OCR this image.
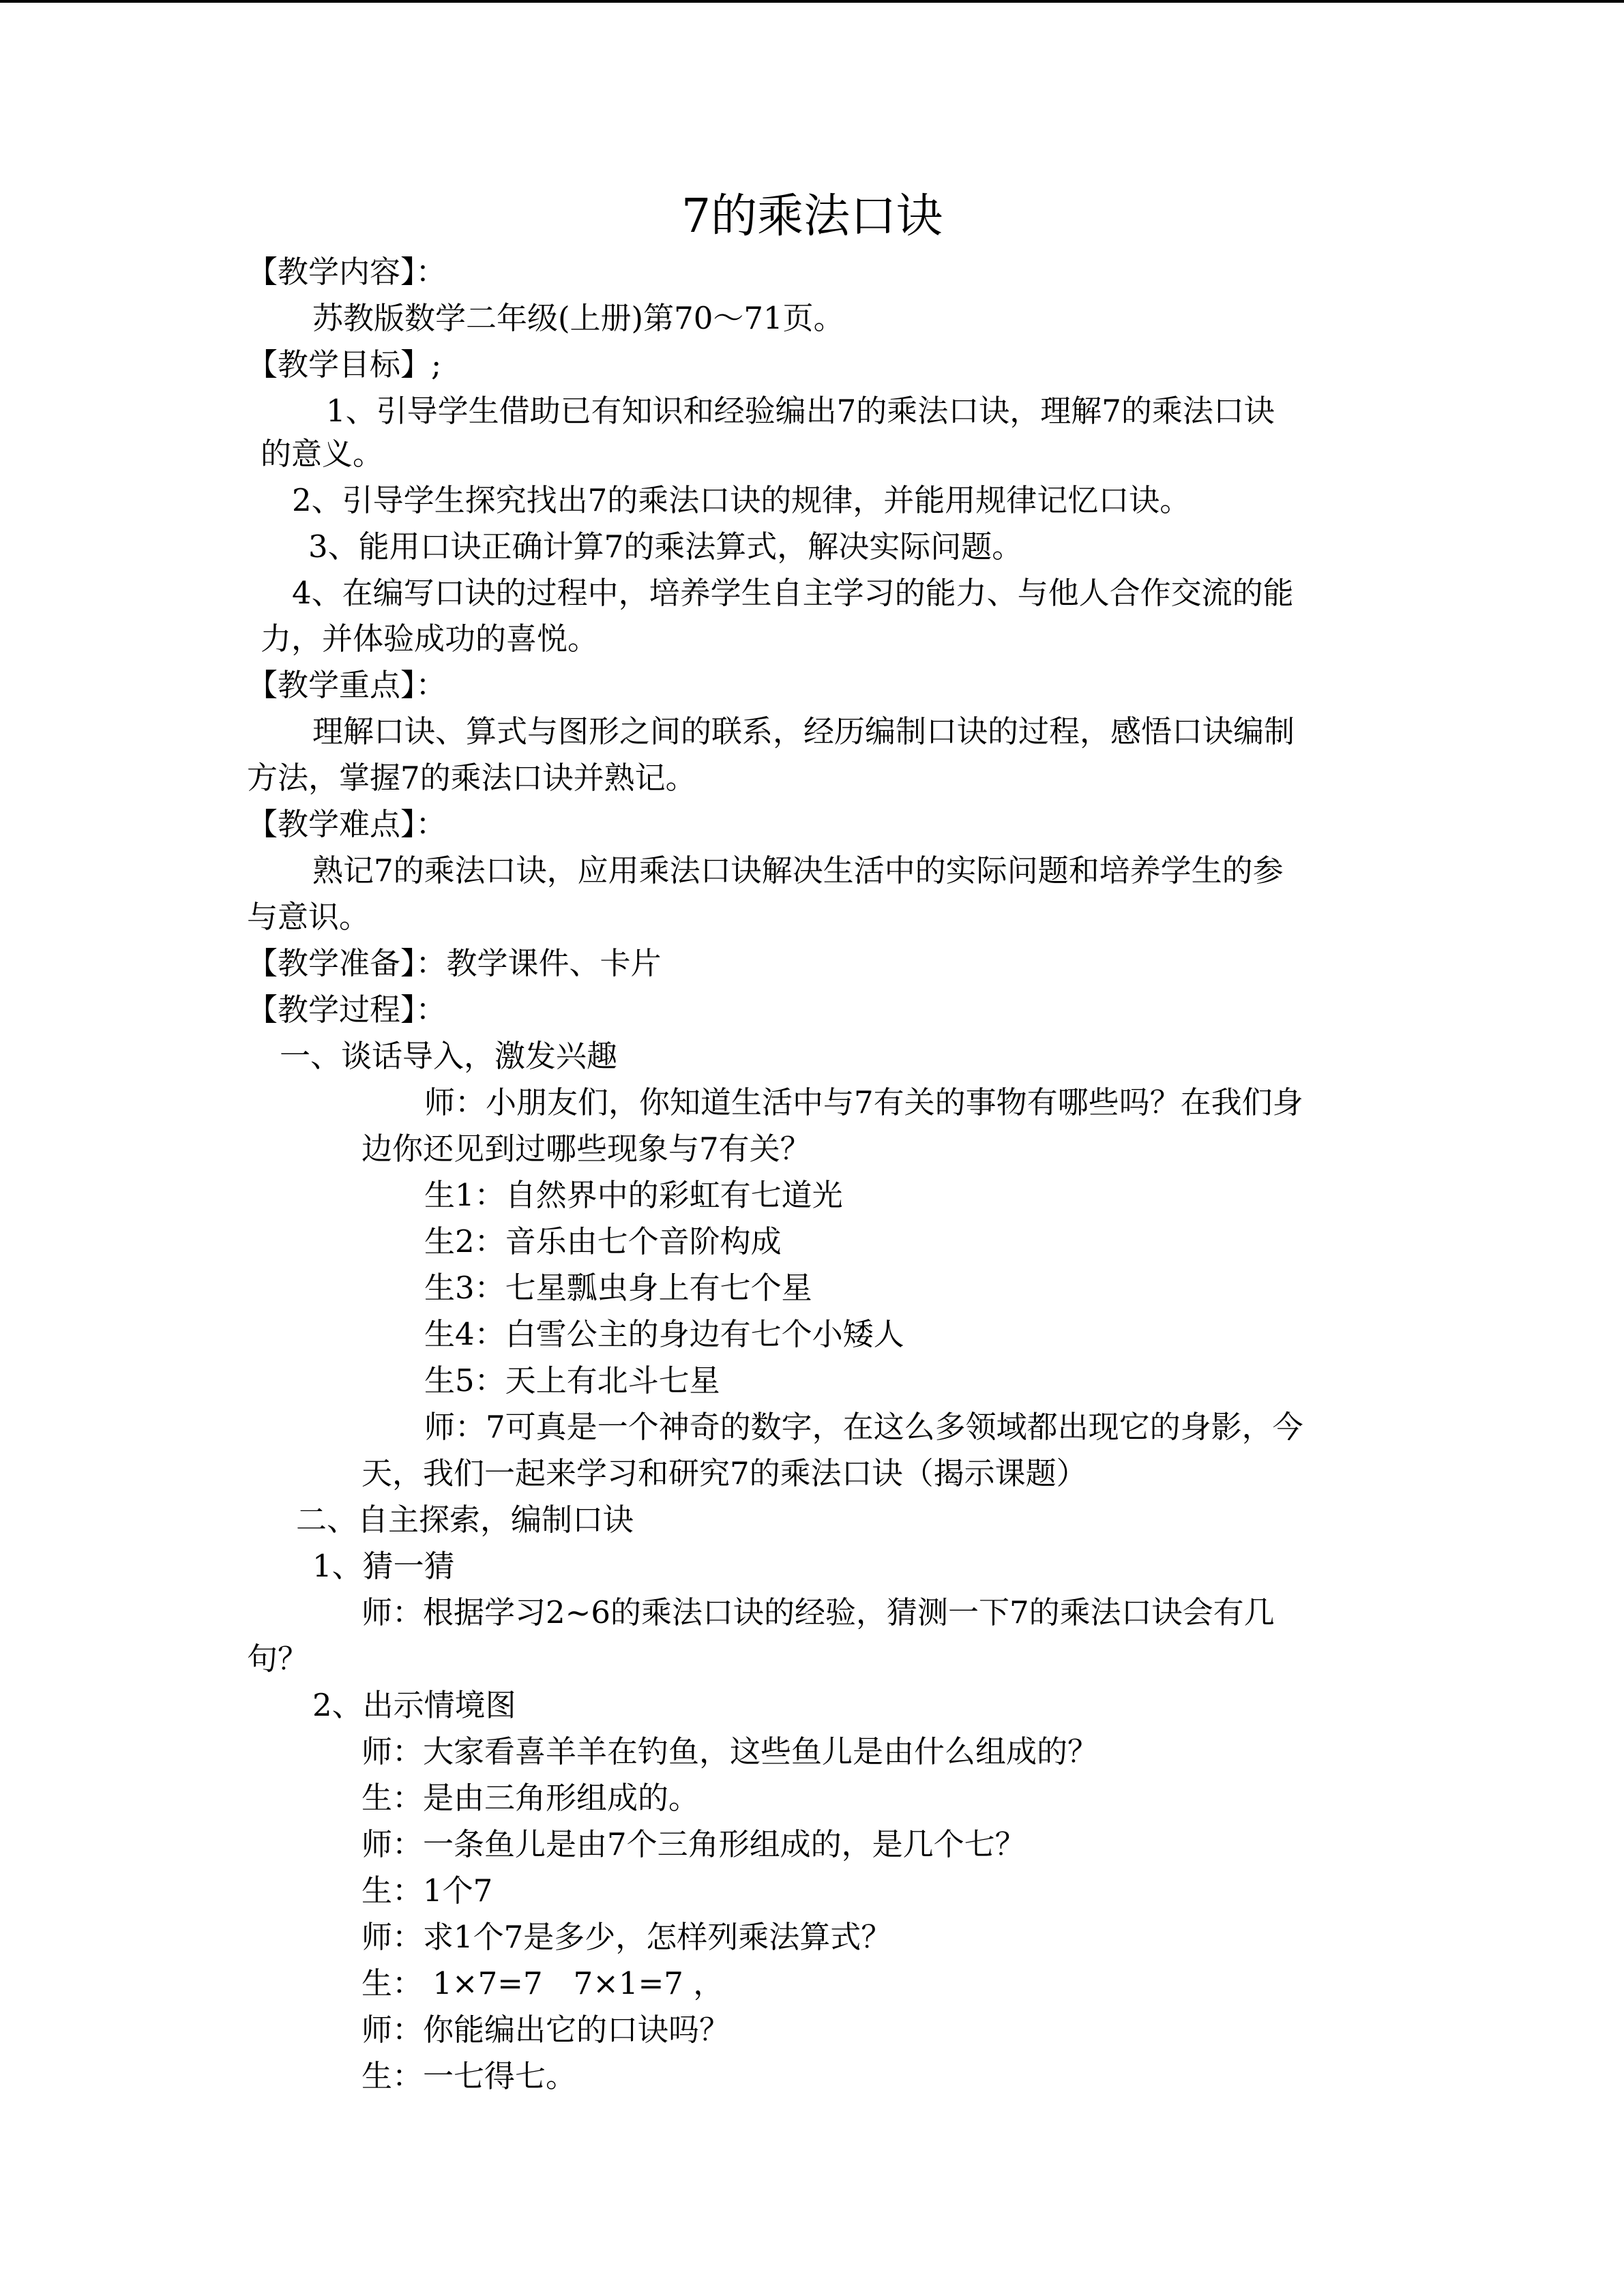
7的乘法口诀
【教学内容】：
苏教版数学二年级(上册)第70～71页。
【教学目标】;
1、引导学生借助已有知识和经验编出7的乘法口诀，理解7的乘法口诀
的意义。
2、引导学生探究找出7的乘法口诀的规律，并能用规律记忆口诀。
3、能用口诀正确计算7的乘法算式，解决实际问题。
4、在编写口诀的过程中，培养学生自主学习的能力、与他人合作交流的能
力，并体验成功的喜悦。
【教学重点】：
理解口诀、算式与图形之间的联系，经历编制口诀的过程，感悟口诀编制
方法，掌握7的乘法口诀并熟记。
【教学难点】：
熟记7的乘法口诀，应用乘法口诀解决生活中的实际问题和培养学生的参
与意识。
【教学准备】：教学课件、卡片
【教学过程】：
一、谈话导入，激发兴趣
师：小朋友们，你知道生活中与7有关的事物有哪些吗？在我们身
边你还见到过哪些现象与7有关？
生1：自然界中的彩虹有七道光
生2：音乐由七个音阶构成
生3：七星瓢虫身上有七个星
生4：白雪公主的身边有七个小矮人
生5：天上有北斗七星
师：7可真是一个神奇的数字，在这么多领域都出现它的身影，今
天，我们一起来学习和研究7的乘法口诀（揭示课题）
二、自主探索，编制口诀
1、猜一猜
师：根据学习2~6的乘法口诀的经验，猜测一下7的乘法口诀会有几
句？
2、出示情境图
师：大家看喜羊羊在钓鱼，这些鱼儿是由什么组成的？
生：是由三角形组成的。
师：一条鱼儿是由7个三角形组成的，是几个七？
生：1个7
师：求1个7是多少，怎样列乘法算式？
生： 1×7=7　7×1=7 ，
师：你能编出它的口诀吗？
生：一七得七。
